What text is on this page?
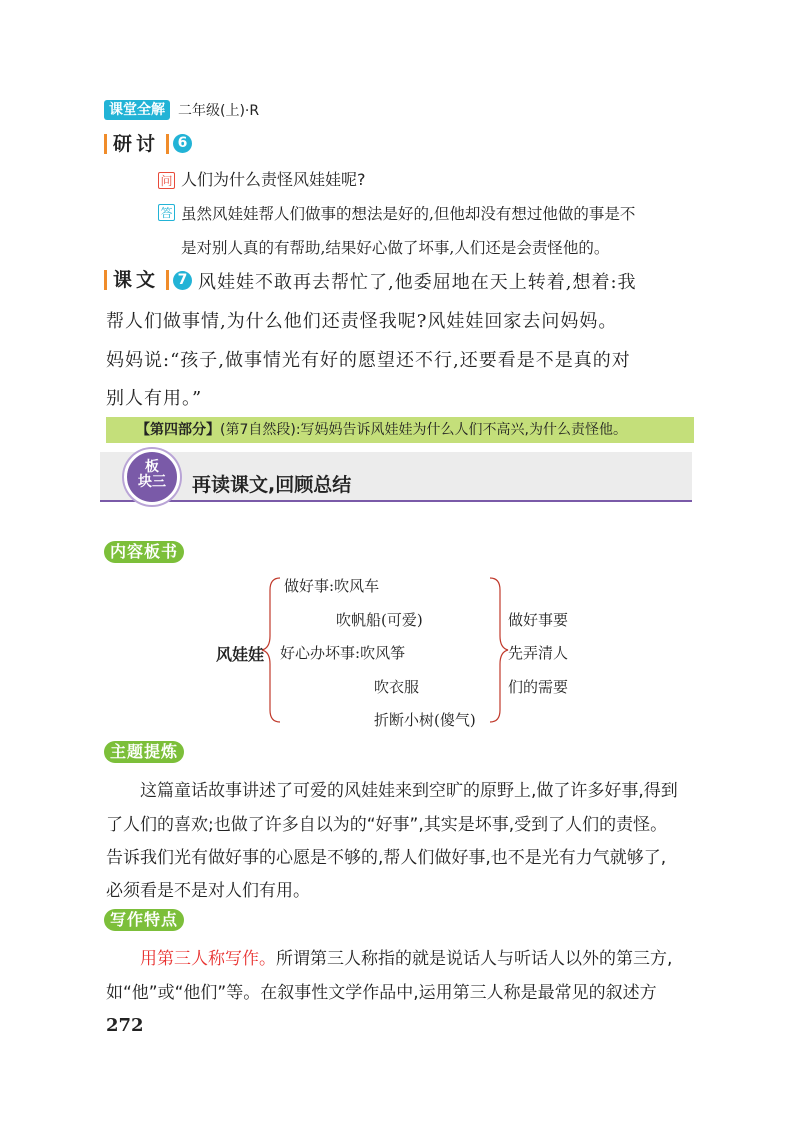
课堂全解 二年级(上)·R
研讨	6
问 人们为什么责怪风娃娃呢?
答 虽然风娃娃帮人们做事的想法是好的,但他却没有想过他做的事是不
是对别人真的有帮助,结果好心做了坏事,人们还是会责怪他的。
课文	7 风娃娃不敢再去帮忙了,他委屈地在天上转着,想着:我
帮人们做事情,为什么他们还责怪我呢?风娃娃回家去问妈妈。
妈妈说:“孩子,做事情光有好的愿望还不行,还要看是不是真的对
别人有用。”
【第四部分】(第7自然段):写妈妈告诉风娃娃为什么人们不高兴,为什么责怪他。
板
块三	再读课文,回顾总结
内容板书
做好事:吹风车
吹帆船(可爱)
风娃娃 好心办坏事:吹风筝
吹衣服
折断小树(傻气)
做好事要
先弄清人
们的需要
主题提炼
这篇童话故事讲述了可爱的风娃娃来到空旷的原野上,做了许多好事,得到
了人们的喜欢;也做了许多自以为的“好事”,其实是坏事,受到了人们的责怪。
告诉我们光有做好事的心愿是不够的,帮人们做好事,也不是光有力气就够了,
必须看是不是对人们有用。
写作特点
用第三人称写作。所谓第三人称指的就是说话人与听话人以外的第三方,
如“他”或“他们”等。在叙事性文学作品中,运用第三人称是最常见的叙述方
272
